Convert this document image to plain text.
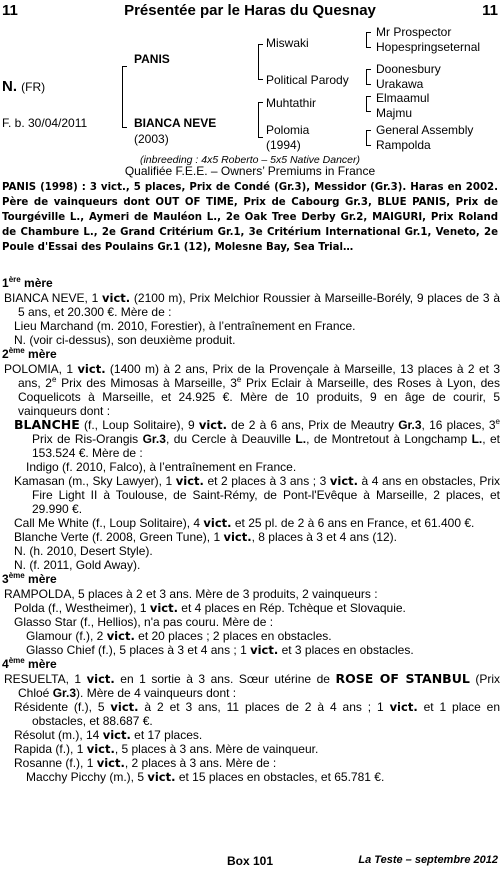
11	Présentée par le Haras du Quesnay	11
N. (FR)
F. b. 30/04/2011
PANIS
BIANCA NEVE
(2003)
Miswaki
Political Parody
Muhtathir
Polomia
(1994)
Mr Prospector
Hopespringseternal
Doonesbury
Urakawa
Elmaamul
Majmu
General Assembly
Rampolda
(inbreeding : 4x5 Roberto – 5x5 Native Dancer)
Qualifiée F.E.E. – Owners’ Premiums in France
PANIS (1998) : 3 vict., 5 places, Prix de Condé (Gr.3), Messidor (Gr.3). Haras en 2002. Père de vainqueurs dont OUT OF TIME, Prix de Cabourg Gr.3, BLUE PANIS, Prix de Tourgéville L., Aymeri de Mauléon L., 2e Oak Tree Derby Gr.2, MAIGURI, Prix Roland de Chambure L., 2e Grand Critérium Gr.1, 3e Critérium International Gr.1, Veneto, 2e Poule d'Essai des Poulains Gr.1 (12), Molesne Bay, Sea Trial…
1ère mère
BIANCA NEVE, 1 vict. (2100 m), Prix Melchior Roussier à Marseille-Borély, 9 places de 3 à 5 ans, et 20.300 €. Mère de :
Lieu Marchand (m. 2010, Forestier), à l’entraînement en France.
N. (voir ci-dessus), son deuxième produit.
2ème mère
POLOMIA, 1 vict. (1400 m) à 2 ans, Prix de la Provençale à Marseille, 13 places à 2 et 3 ans, 2e Prix des Mimosas à Marseille, 3e Prix Eclair à Marseille, des Roses à Lyon, des Coquelicots à Marseille, et 24.925 €. Mère de 10 produits, 9 en âge de courir, 5 vainqueurs dont :
BLANCHE (f., Loup Solitaire), 9 vict. de 2 à 6 ans, Prix de Meautry Gr.3, 16 places, 3e Prix de Ris-Orangis Gr.3, du Cercle à Deauville L., de Montretout à Longchamp L., et 153.524 €. Mère de :
Indigo (f. 2010, Falco), à l’entraînement en France.
Kamasan (m., Sky Lawyer), 1 vict. et 2 places à 3 ans ; 3 vict. à 4 ans en obstacles, Prix Fire Light II à Toulouse, de Saint-Rémy, de Pont-l'Evêque à Marseille, 2 places, et 29.990 €.
Call Me White (f., Loup Solitaire), 4 vict. et 25 pl. de 2 à 6 ans en France, et 61.400 €.
Blanche Verte (f. 2008, Green Tune), 1 vict., 8 places à 3 et 4 ans (12).
N. (h. 2010, Desert Style).
N. (f. 2011, Gold Away).
3ème mère
RAMPOLDA, 5 places à 2 et 3 ans. Mère de 3 produits, 2 vainqueurs :
Polda (f., Westheimer), 1 vict. et 4 places en Rép. Tchèque et Slovaquie.
Glasso Star (f., Hellios), n'a pas couru. Mère de :
Glamour (f.), 2 vict. et 20 places ; 2 places en obstacles.
Glasso Chief (f.), 5 places à 3 et 4 ans ; 1 vict. et 3 places en obstacles.
4ème mère
RESUELTA, 1 vict. en 1 sortie à 3 ans. Sœur utérine de ROSE OF STANBUL (Prix Chloé Gr.3). Mère de 4 vainqueurs dont :
Résidente (f.), 5 vict. à 2 et 3 ans, 11 places de 2 à 4 ans ; 1 vict. et 1 place en obstacles, et 88.687 €.
Résolut (m.), 14 vict. et 17 places.
Rapida (f.), 1 vict., 5 places à 3 ans. Mère de vainqueur.
Rosanne (f.), 1 vict., 2 places à 3 ans. Mère de :
Macchy Picchy (m.), 5 vict. et 15 places en obstacles, et 65.781 €.
Box 101	La Teste – septembre 2012
